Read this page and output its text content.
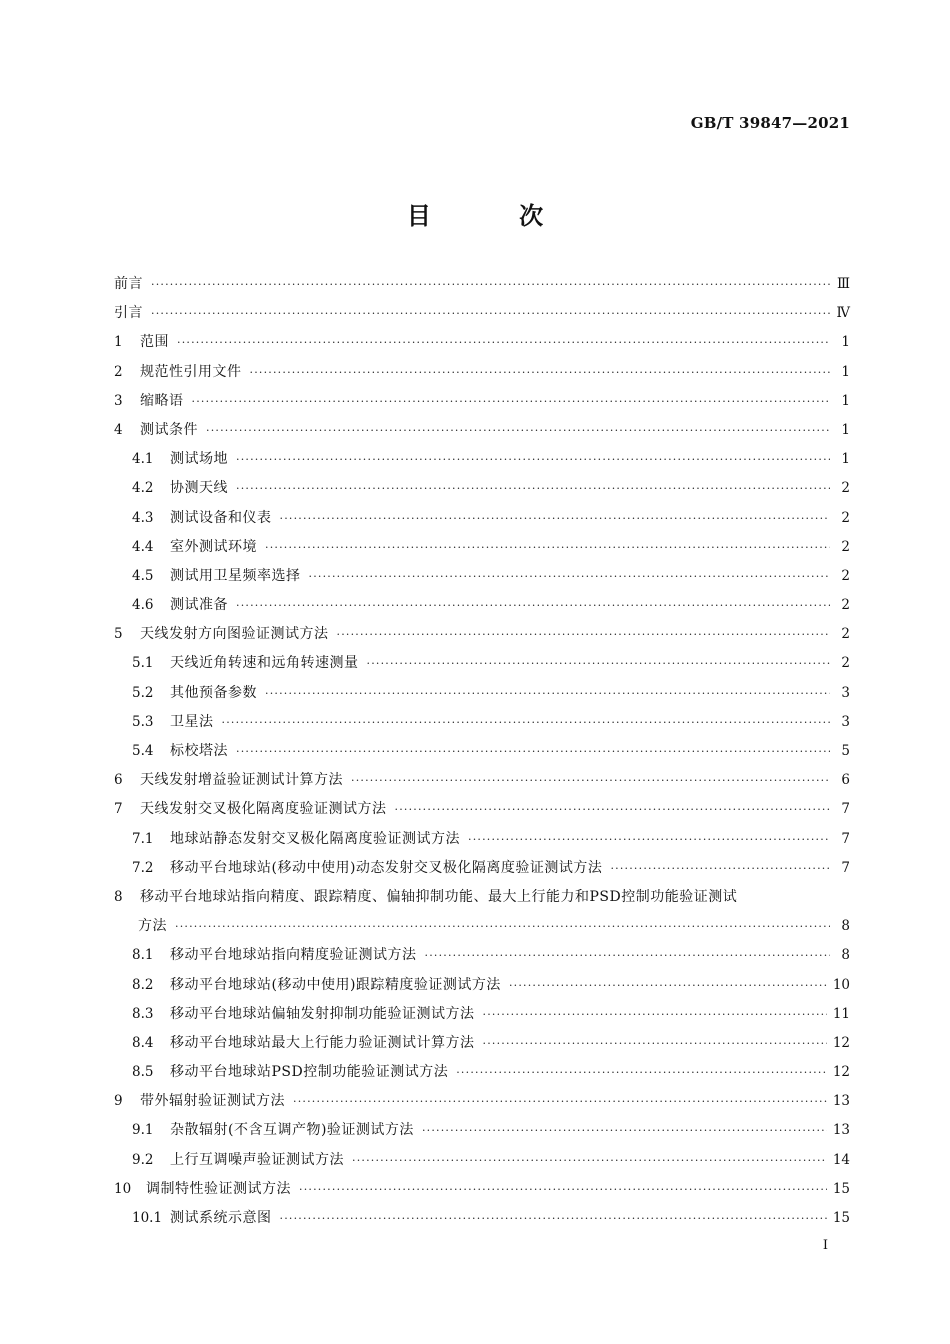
GB/T 39847—2021
目 次
前言 ·····	Ⅲ
引言 ·····	Ⅳ
1	范围 ·····	1
2	规范性引用文件 ·····	1
3	缩略语 ·····	1
4	测试条件 ·····	1
4.1	测试场地 ·····	1
4.2	协测天线 ·····	2
4.3	测试设备和仪表 ·····	2
4.4	室外测试环境 ·····	2
4.5	测试用卫星频率选择 ·····	2
4.6	测试准备 ·····	2
5	天线发射方向图验证测试方法 ·····	2
5.1	天线近角转速和远角转速测量 ·····	2
5.2	其他预备参数 ·····	3
5.3	卫星法 ·····	3
5.4	标校塔法 ·····	5
6	天线发射增益验证测试计算方法 ·····	6
7	天线发射交叉极化隔离度验证测试方法 ·····	7
7.1	地球站静态发射交叉极化隔离度验证测试方法 ·····	7
7.2	移动平台地球站(移动中使用)动态发射交叉极化隔离度验证测试方法 ·····	7
8	移动平台地球站指向精度、跟踪精度、偏轴抑制功能、最大上行能力和PSD控制功能验证测试
方法 ·····	8
8.1	移动平台地球站指向精度验证测试方法 ·····	8
8.2	移动平台地球站(移动中使用)跟踪精度验证测试方法 ·····	10
8.3	移动平台地球站偏轴发射抑制功能验证测试方法 ·····	11
8.4	移动平台地球站最大上行能力验证测试计算方法 ·····	12
8.5	移动平台地球站PSD控制功能验证测试方法 ·····	12
9	带外辐射验证测试方法 ·····	13
9.1	杂散辐射(不含互调产物)验证测试方法 ·····	13
9.2	上行互调噪声验证测试方法 ·····	14
10	调制特性验证测试方法 ·····	15
10.1 测试系统示意图 ·····	15
I
